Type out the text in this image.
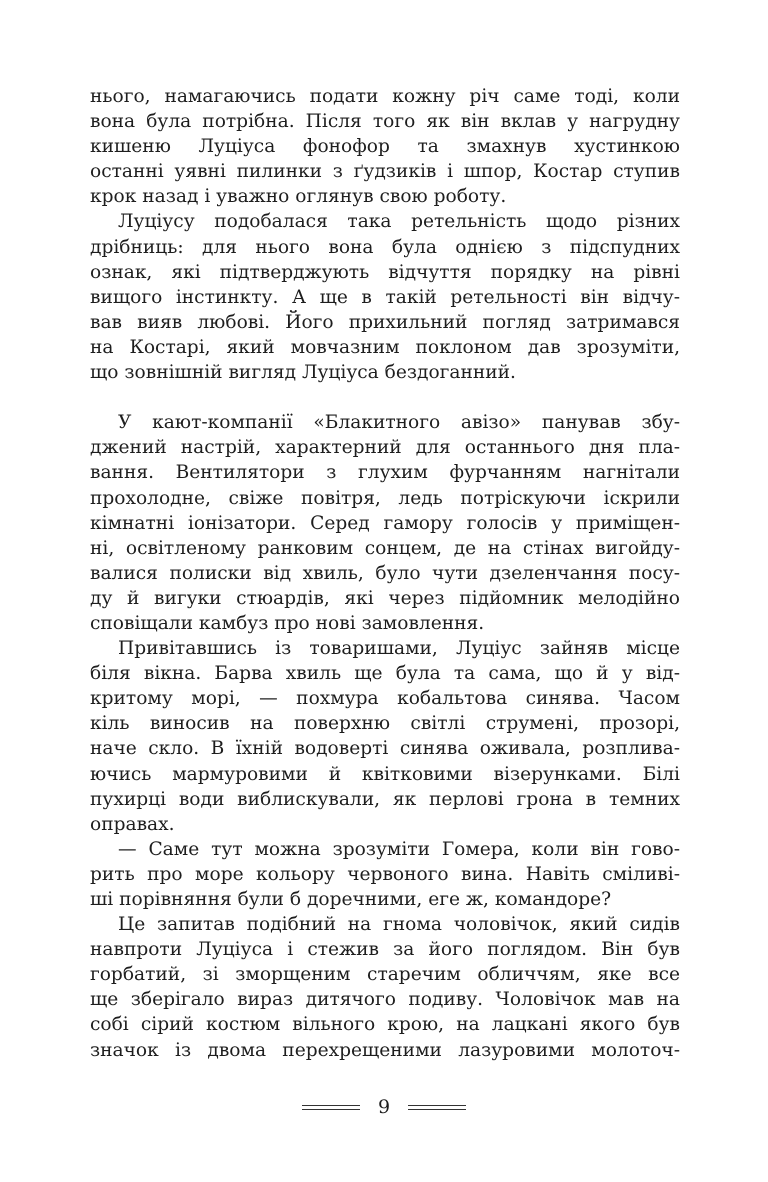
нього, намагаючись подати кожну річ саме тоді, коли
вона була потрібна. Після того як він вклав у нагрудну
кишеню Луціуса фонофор та змахнув хустинкою
останні уявні пилинки з ґудзиків і шпор, Костар ступив
крок назад і уважно оглянув свою роботу.
Луціусу подобалася така ретельність щодо різних
дрібниць: для нього вона була однією з підспудних
ознак, які підтверджують відчуття порядку на рівні
вищого інстинкту. А ще в такій ретельності він відчу-
вав вияв любові. Його прихильний погляд затримався
на Костарі, який мовчазним поклоном дав зрозуміти,
що зовнішній вигляд Луціуса бездоганний.
У кают-компанії «Блакитного авізо» панував збу-
джений настрій, характерний для останнього дня пла-
вання. Вентилятори з глухим фурчанням нагнітали
прохолодне, свіже повітря, ледь потріскуючи іскрили
кімнатні іонізатори. Серед гамору голосів у приміщен-
ні, освітленому ранковим сонцем, де на стінах вигойду-
валися полиски від хвиль, було чути дзеленчання посу-
ду й вигуки стюардів, які через підйомник мелодійно
сповіщали камбуз про нові замовлення.
Привітавшись із товаришами, Луціус зайняв місце
біля вікна. Барва хвиль ще була та сама, що й у від-
критому морі, — похмура кобальтова синява. Часом
кіль виносив на поверхню світлі струмені, прозорі,
наче скло. В їхній водоверті синява оживала, розплива-
ючись мармуровими й квітковими візерунками. Білі
пухирці води виблискували, як перлові грона в темних
оправах.
— Саме тут можна зрозуміти Гомера, коли він гово-
рить про море кольору червоного вина. Навіть сміливі-
ші порівняння були б доречними, еге ж, командоре?
Це запитав подібний на гнома чоловічок, який сидів
навпроти Луціуса і стежив за його поглядом. Він був
горбатий, зі зморщеним старечим обличчям, яке все
ще зберігало вираз дитячого подиву. Чоловічок мав на
собі сірий костюм вільного крою, на лацкані якого був
значок із двома перехрещеними лазуровими молоточ-
9
